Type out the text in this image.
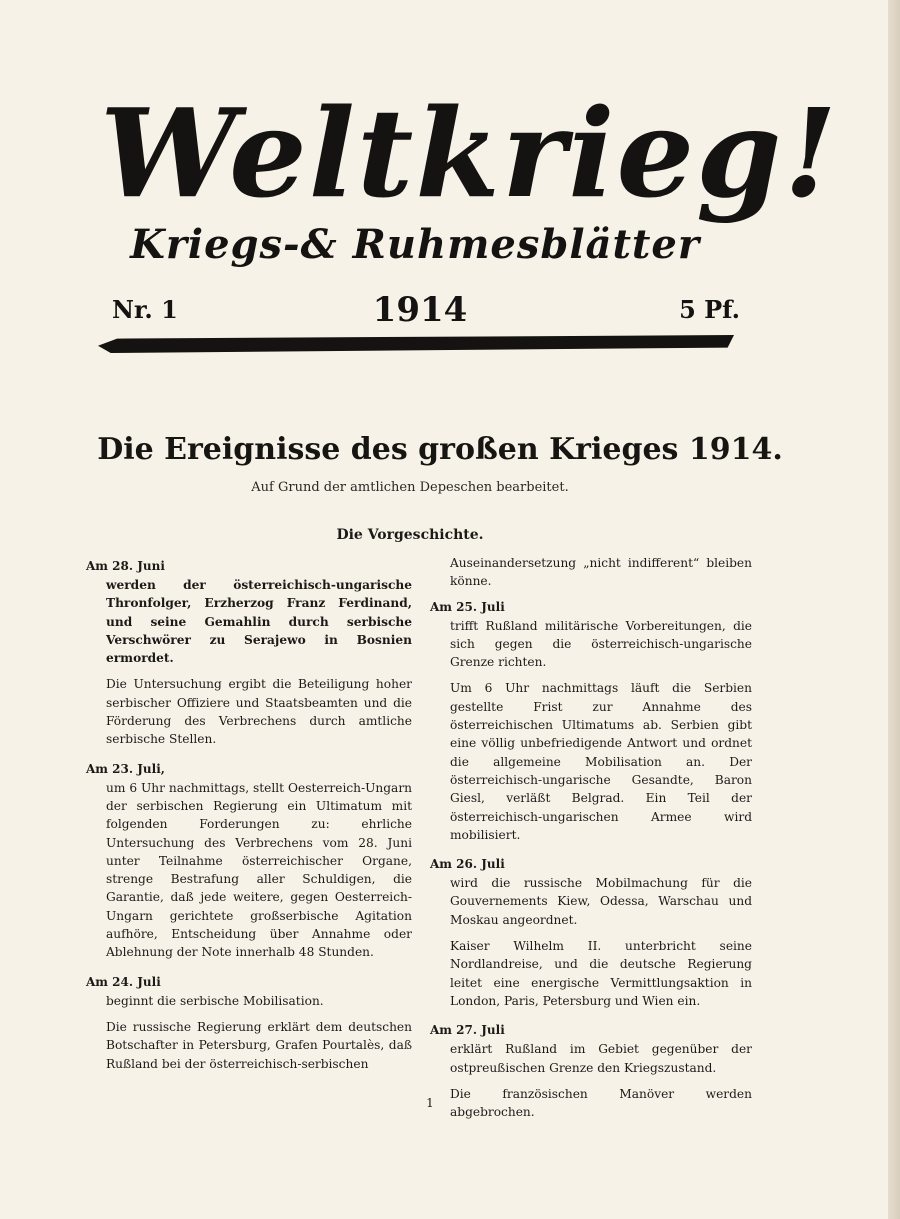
Weltkrieg!
Kriegs-& Ruhmesblätter
Nr. 1	1914	5 Pf.
Die Ereignisse des großen Krieges 1914.
Auf Grund der amtlichen Depeschen bearbeitet.
Die Vorgeschichte.

Am 28. Juni

werden der österreichisch-ungarische Thronfolger, Erzherzog Franz Ferdinand, und seine Gemahlin durch serbische Verschwörer zu Serajewo in Bosnien ermordet.

Die Untersuchung ergibt die Beteiligung hoher serbischer Offiziere und Staatsbeamten und die Förderung des Verbrechens durch amtliche serbische Stellen.

Am 23. Juli,

um 6 Uhr nachmittags, stellt Oesterreich-Ungarn der serbischen Regierung ein Ultimatum mit folgenden Forderungen zu: ehrliche Untersuchung des Verbrechens vom 28. Juni unter Teilnahme österreichischer Organe, strenge Bestrafung aller Schuldigen, die Garantie, daß jede weitere, gegen Oesterreich-Ungarn gerichtete großserbische Agitation aufhöre, Entscheidung über Annahme oder Ablehnung der Note innerhalb 48 Stunden.

Am 24. Juli

beginnt die serbische Mobilisation.

Die russische Regierung erklärt dem deutschen Botschafter in Petersburg, Grafen Pourtalès, daß Rußland bei der österreichisch-serbischen

Auseinandersetzung „nicht indifferent“ bleiben könne.

Am 25. Juli

trifft Rußland militärische Vorbereitungen, die sich gegen die österreichisch-ungarische Grenze richten.

Um 6 Uhr nachmittags läuft die Serbien gestellte Frist zur Annahme des österreichischen Ultimatums ab. Serbien gibt eine völlig unbefriedigende Antwort und ordnet die allgemeine Mobilisation an. Der österreichisch-ungarische Gesandte, Baron Giesl, verläßt Belgrad. Ein Teil der österreichisch-ungarischen Armee wird mobilisiert.

Am 26. Juli

wird die russische Mobilmachung für die Gouvernements Kiew, Odessa, Warschau und Moskau angeordnet.

Kaiser Wilhelm II. unterbricht seine Nordlandreise, und die deutsche Regierung leitet eine energische Vermittlungsaktion in London, Paris, Petersburg und Wien ein.

Am 27. Juli

erklärt Rußland im Gebiet gegenüber der ostpreußischen Grenze den Kriegszustand.

Die französischen Manöver werden abgebrochen.

1
